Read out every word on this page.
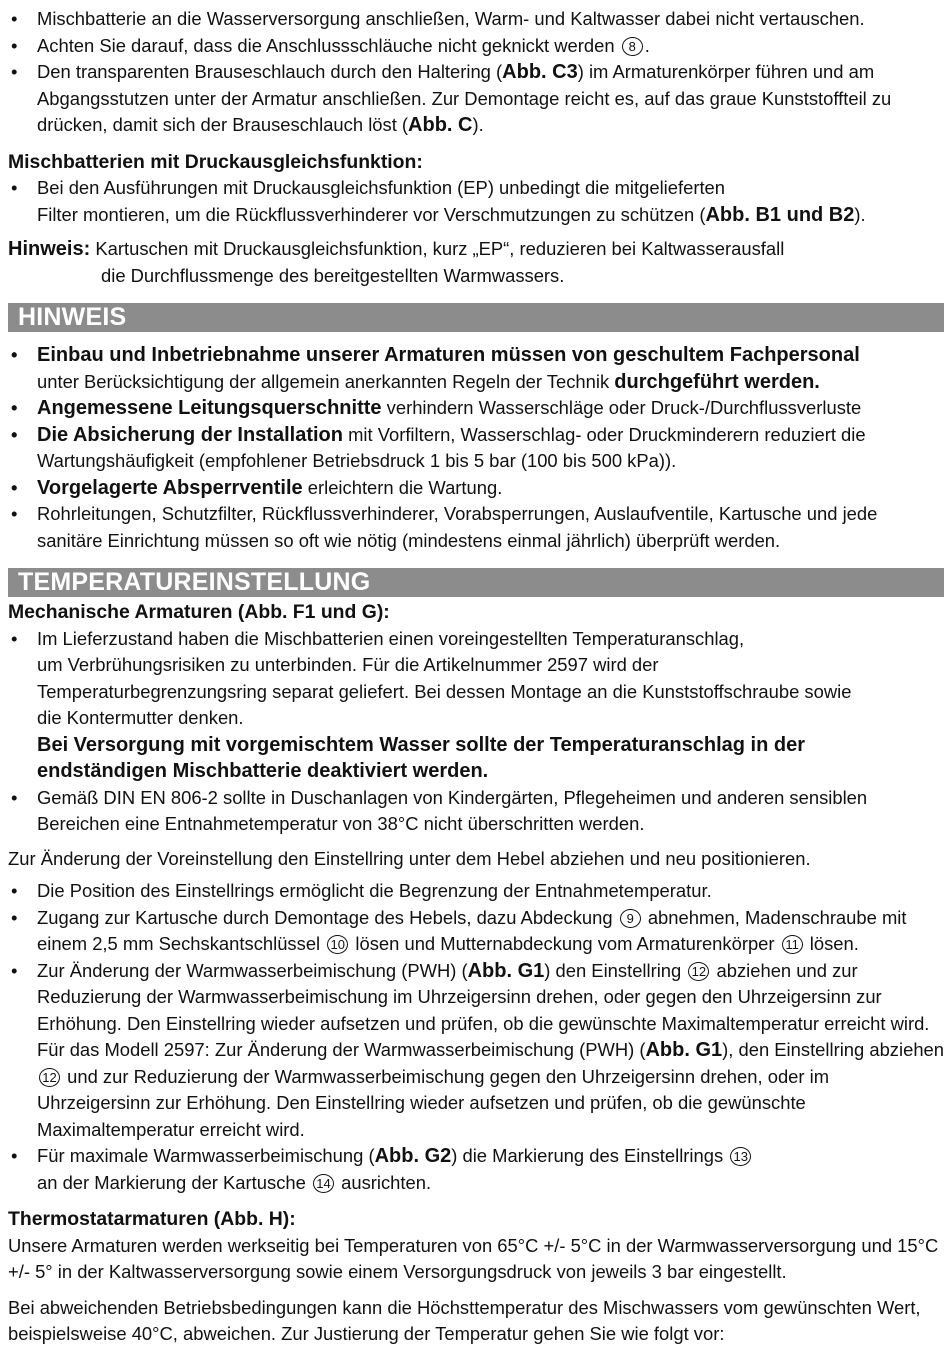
• Mischbatterie an die Wasserversorgung anschließen, Warm- und Kaltwasser dabei nicht vertauschen.
• Achten Sie darauf, dass die Anschlussschläuche nicht geknickt werden 8 .
• Den transparenten Brauseschlauch durch den Haltering (Abb. C3) im Armaturenkörper führen und am Abgangsstutzen unter der Armatur anschließen. Zur Demontage reicht es, auf das graue Kunststoffteil zu drücken, damit sich der Brauseschlauch löst (Abb. C).
Mischbatterien mit Druckausgleichsfunktion:
• Bei den Ausführungen mit Druckausgleichsfunktion (EP) unbedingt die mitgelieferten
Filter montieren, um die Rückflussverhinderer vor Verschmutzungen zu schützen (Abb. B1 und B2).
Hinweis: Kartuschen mit Druckausgleichsfunktion, kurz „EP“, reduzieren bei Kaltwasserausfall
die Durchflussmenge des bereitgestellten Warmwassers.
HINWEIS
• Einbau und Inbetriebnahme unserer Armaturen müssen von geschultem Fachpersonal
unter Berücksichtigung der allgemein anerkannten Regeln der Technik durchgeführt werden.
• Angemessene Leitungsquerschnitte verhindern Wasserschläge oder Druck-/Durchflussverluste
• Die Absicherung der Installation mit Vorfiltern, Wasserschlag- oder Druckminderern reduziert die Wartungshäufigkeit (empfohlener Betriebsdruck 1 bis 5 bar (100 bis 500 kPa)).
• Vorgelagerte Absperrventile erleichtern die Wartung.
• Rohrleitungen, Schutzfilter, Rückflussverhinderer, Vorabsperrungen, Auslaufventile, Kartusche und jede sanitäre Einrichtung müssen so oft wie nötig (mindestens einmal jährlich) überprüft werden.
TEMPERATUREINSTELLUNG
Mechanische Armaturen (Abb. F1 und G):
• Im Lieferzustand haben die Mischbatterien einen voreingestellten Temperaturanschlag,
um Verbrühungsrisiken zu unterbinden. Für die Artikelnummer 2597 wird der
Temperaturbegrenzungsring separat geliefert. Bei dessen Montage an die Kunststoffschraube sowie
die Kontermutter denken.
Bei Versorgung mit vorgemischtem Wasser sollte der Temperaturanschlag in der
endständigen Mischbatterie deaktiviert werden.
• Gemäß DIN EN 806-2 sollte in Duschanlagen von Kindergärten, Pflegeheimen und anderen sensiblen Bereichen eine Entnahmetemperatur von 38°C nicht überschritten werden.

Zur Änderung der Voreinstellung den Einstellring unter dem Hebel abziehen und neu positionieren.

• Die Position des Einstellrings ermöglicht die Begrenzung der Entnahmetemperatur.
• Zugang zur Kartusche durch Demontage des Hebels, dazu Abdeckung 9 abnehmen, Madenschraube mit einem 2,5 mm Sechskantschlüssel 10 lösen und Mutternabdeckung vom Armaturenkörper 11 lösen.
• Zur Änderung der Warmwasserbeimischung (PWH) (Abb. G1) den Einstellring 12 abziehen und zur Reduzierung der Warmwasserbeimischung im Uhrzeigersinn drehen, oder gegen den Uhrzeigersinn zur Erhöhung. Den Einstellring wieder aufsetzen und prüfen, ob die gewünschte Maximaltemperatur erreicht wird. Für das Modell 2597: Zur Änderung der Warmwasserbeimischung (PWH) (Abb. G1), den Einstellring abziehen 12 und zur Reduzierung der Warmwasserbeimischung gegen den Uhrzeigersinn drehen, oder im Uhrzeigersinn zur Erhöhung. Den Einstellring wieder aufsetzen und prüfen, ob die gewünschte Maximaltemperatur erreicht wird.
• Für maximale Warmwasserbeimischung (Abb. G2) die Markierung des Einstellrings 13
an der Markierung der Kartusche 14 ausrichten.
Thermostatarmaturen (Abb. H):

Unsere Armaturen werden werkseitig bei Temperaturen von 65°C +/- 5°C in der Warmwasserversorgung und 15°C +/- 5° in der Kaltwasserversorgung sowie einem Versorgungsdruck von jeweils 3 bar eingestellt.

Bei abweichenden Betriebsbedingungen kann die Höchsttemperatur des Mischwassers vom gewünschten Wert, beispielsweise 40°C, abweichen. Zur Justierung der Temperatur gehen Sie wie folgt vor:
